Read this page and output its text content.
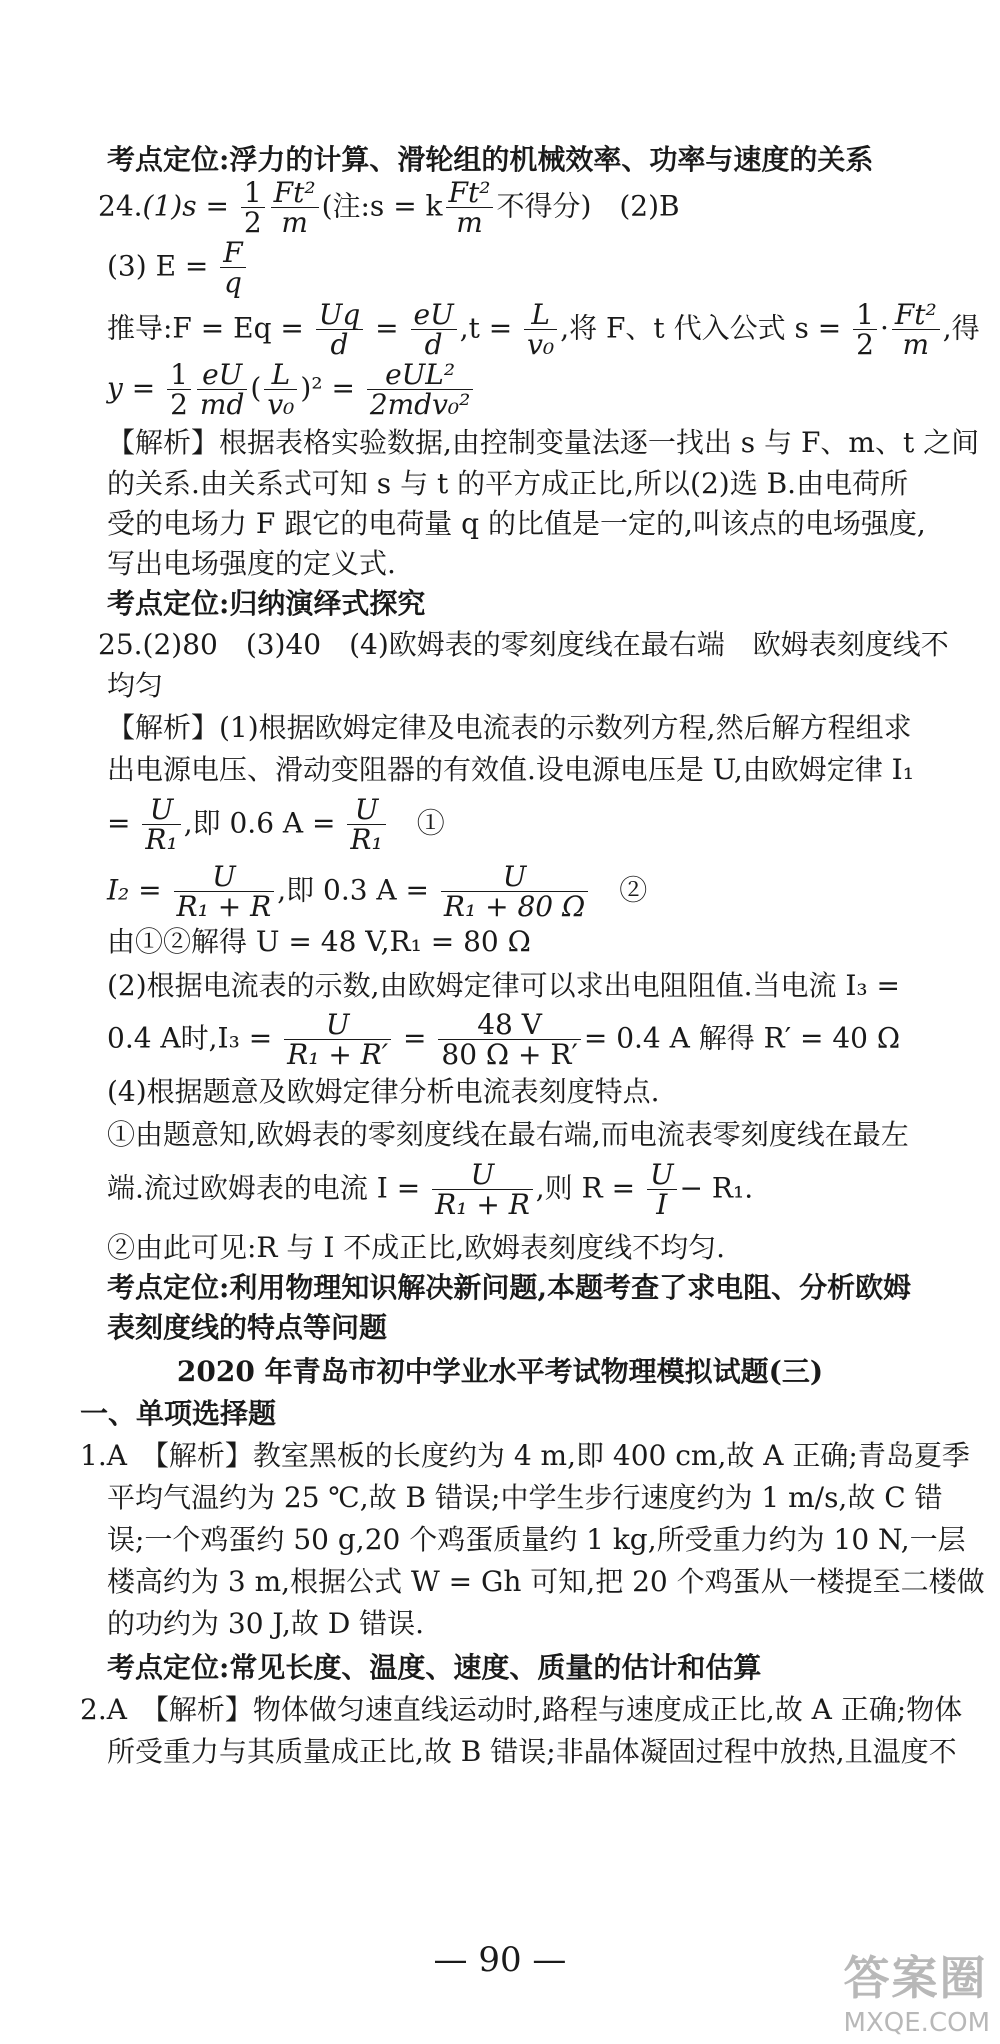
考点定位:浮力的计算、滑轮组的机械效率、功率与速度的关系
$24.(1)s = \frac{1}{2} \frac{\text{Ft²}}{m}$ (注:s = k $\frac{\text{Ft²}}{m}$ 不得分)　(2)B
(3) $E = \frac{F}{q}$
推导:F = $Eq = \frac{Uq}{d} = \frac{eU}{d} ,t = \frac{L}{\text{v₀}}$ ,将 F、t 代入公式 $s = \frac{1}{2} \cdot \frac{\text{Ft²}}{m}$ ,得
$y = \frac{1}{2} \frac{eU}{md}$ ( $\frac{L}{\text{v₀}} )^2 = \frac{\text{eUL²}}{\text{2mdv₀²}}$
【解析】根据表格实验数据,由控制变量法逐一找出 s 与 F、m、t 之间
的关系.由关系式可知 s 与 t 的平方成正比,所以(2)选 B.由电荷所
受的电场力 F 跟它的电荷量 q 的比值是一定的,叫该点的电场强度,
写出电场强度的定义式.
考点定位:归纳演绎式探究
25.(2)80　(3)40　(4)欧姆表的零刻度线在最右端　欧姆表刻度线不
均匀
【解析】(1)根据欧姆定律及电流表的示数列方程,然后解方程组求
出电源电压、滑动变阻器的有效值.设电源电压是 U,由欧姆定律 I₁
= $\frac{U}{\text{R₁}}$ ,即 0.6 $A = \frac{U}{\text{R₁}}$
　 ①
$I_2 = \frac{U}{\text{R₁ + R}}$ ,即 0.3 $A = \frac{U}{\text{R₁ + 80 Ω}}$
　 ②
由①②解得 U = 48 V,R₁ = 80 Ω
(2)根据电流表的示数,由欧姆定律可以求出电阻阻值.当电流 I₃ =
0.4 A时$,I_3 = \frac{U}{\text{R₁ + R′}} = \frac{48 V}{80 \Omega + R'} = 0.4$ A 解得 R′ = 40 Ω
(4)根据题意及欧姆定律分析电流表刻度特点.
①由题意知,欧姆表的零刻度线在最右端,而电流表零刻度线在最左
端.流过欧姆表的电流 $I = \frac{U}{\text{R₁ + R}}$ ,则 $R = \frac{U}{I} - R_1$.
②由此可见:R 与 I 不成正比,欧姆表刻度线不均匀.
考点定位:利用物理知识解决新问题,本题考查了求电阻、分析欧姆
表刻度线的特点等问题
2020 年青岛市初中学业水平考试物理模拟试题(三)
一、单项选择题
1.A　【解析】教室黑板的长度约为 4 m,即 400 cm,故 A 正确;青岛夏季
平均气温约为 25 ℃,故 B 错误;中学生步行速度约为 1 m/s,故 C 错
误;一个鸡蛋约 50 g,20 个鸡蛋质量约 1 kg,所受重力约为 10 N,一层
楼高约为 3 m,根据公式 W = Gh 可知,把 20 个鸡蛋从一楼提至二楼做
的功约为 30 J,故 D 错误.
考点定位:常见长度、温度、速度、质量的估计和估算
2.A　【解析】物体做匀速直线运动时,路程与速度成正比,故 A 正确;物体
所受重力与其质量成正比,故 B 错误;非晶体凝固过程中放热,且温度不
— 90 —	答案圈
MXQE.COM
